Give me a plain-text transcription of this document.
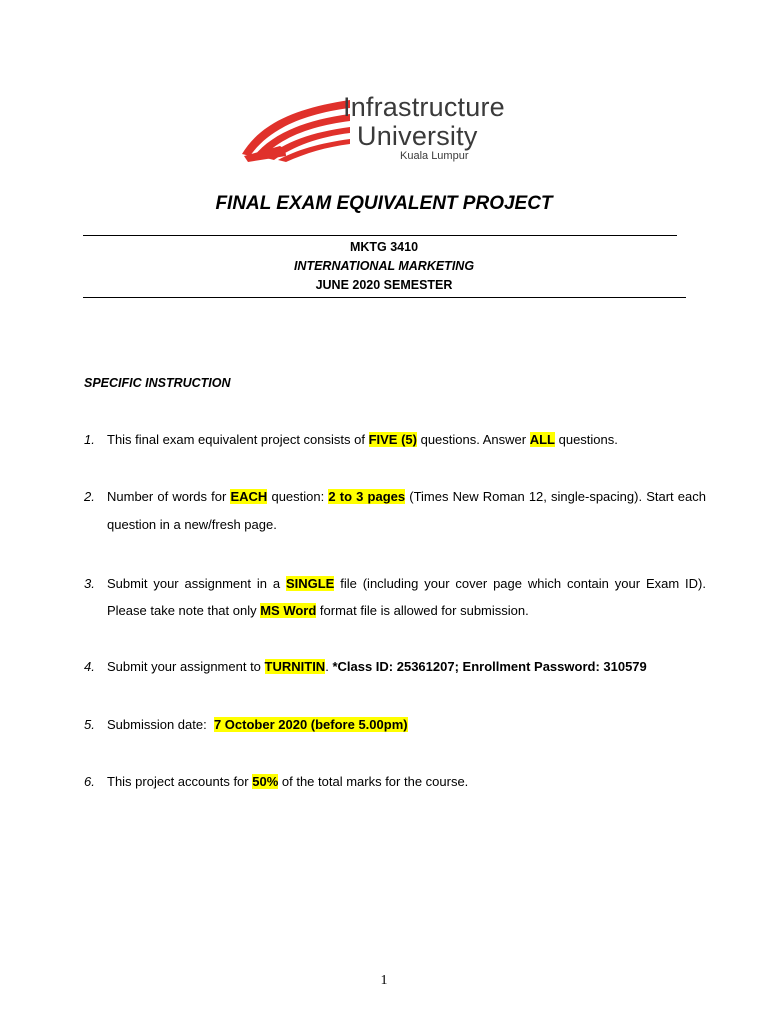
Infrastructure
University
Kuala Lumpur
FINAL EXAM EQUIVALENT PROJECT
MKTG 3410
INTERNATIONAL MARKETING
JUNE 2020 SEMESTER
SPECIFIC INSTRUCTION
1. This final exam equivalent project consists of FIVE (5) questions. Answer ALL questions.
2. Number of words for EACH question: 2 to 3 pages (Times New Roman 12, single-spacing). Start each question in a new/fresh page.
3. Submit your assignment in a SINGLE file (including your cover page which contain your Exam ID). Please take note that only MS Word format file is allowed for submission.
4. Submit your assignment to TURNITIN. *Class ID: 25361207; Enrollment Password: 310579
5. Submission date:  7 October 2020 (before 5.00pm)
6. This project accounts for 50% of the total marks for the course.
1
